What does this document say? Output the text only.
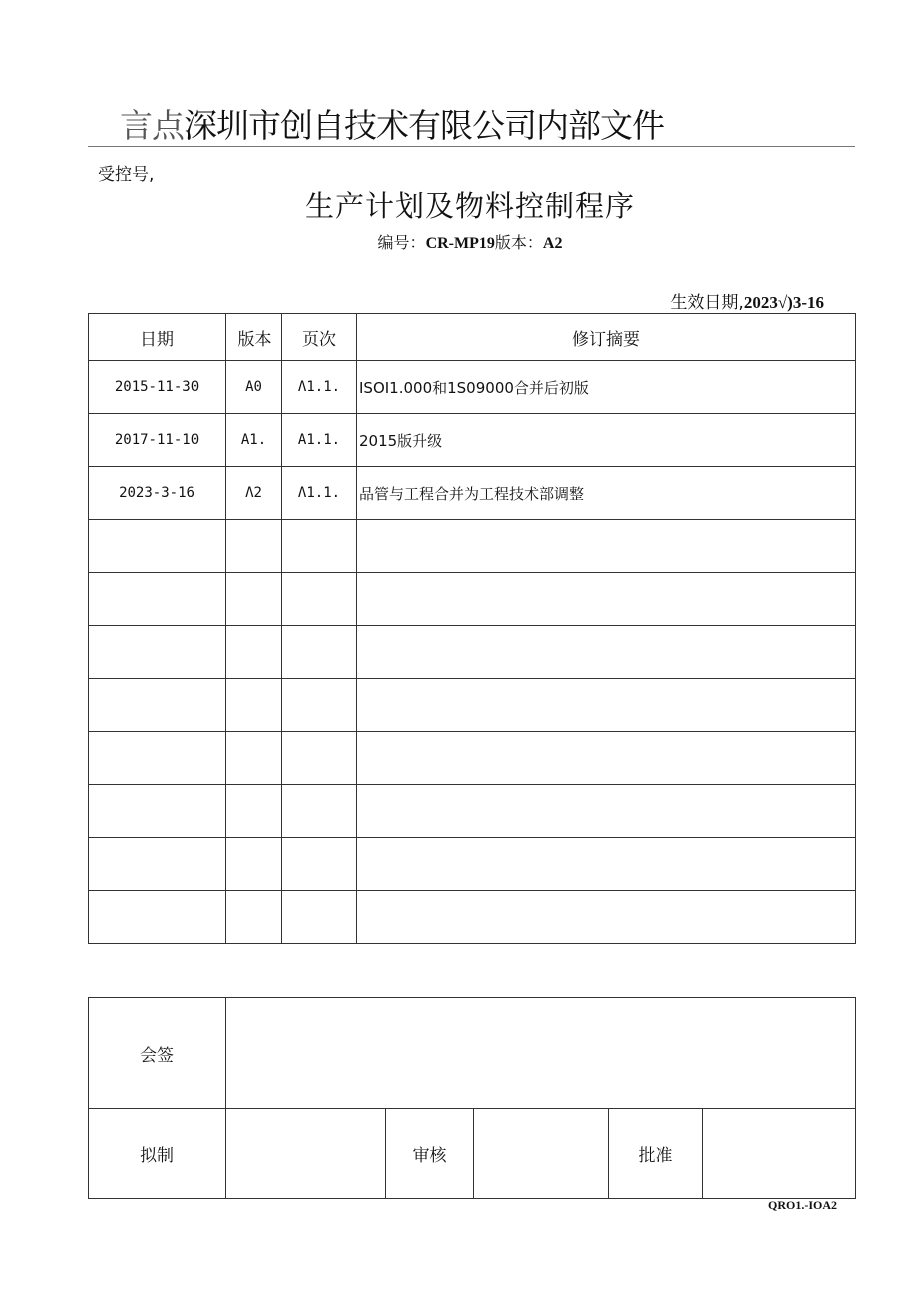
言点深圳市创自技术有限公司内部文件
受控号,
生产计划及物料控制程序
编号：CR-MP19版本：A2
生效日期,2023√)3-16
日期	版本	页次	修订摘要
2015-11-30	A0	Λ1.1.	ISOI1.000和1S09000合并后初版
2017-11-10	A1.	A1.1.	2015版升级
2023-3-16	Λ2	Λ1.1.	品管与工程合并为工程技术部调整

会签					
拟制		审核		批准	
QRO1.-IOA2
